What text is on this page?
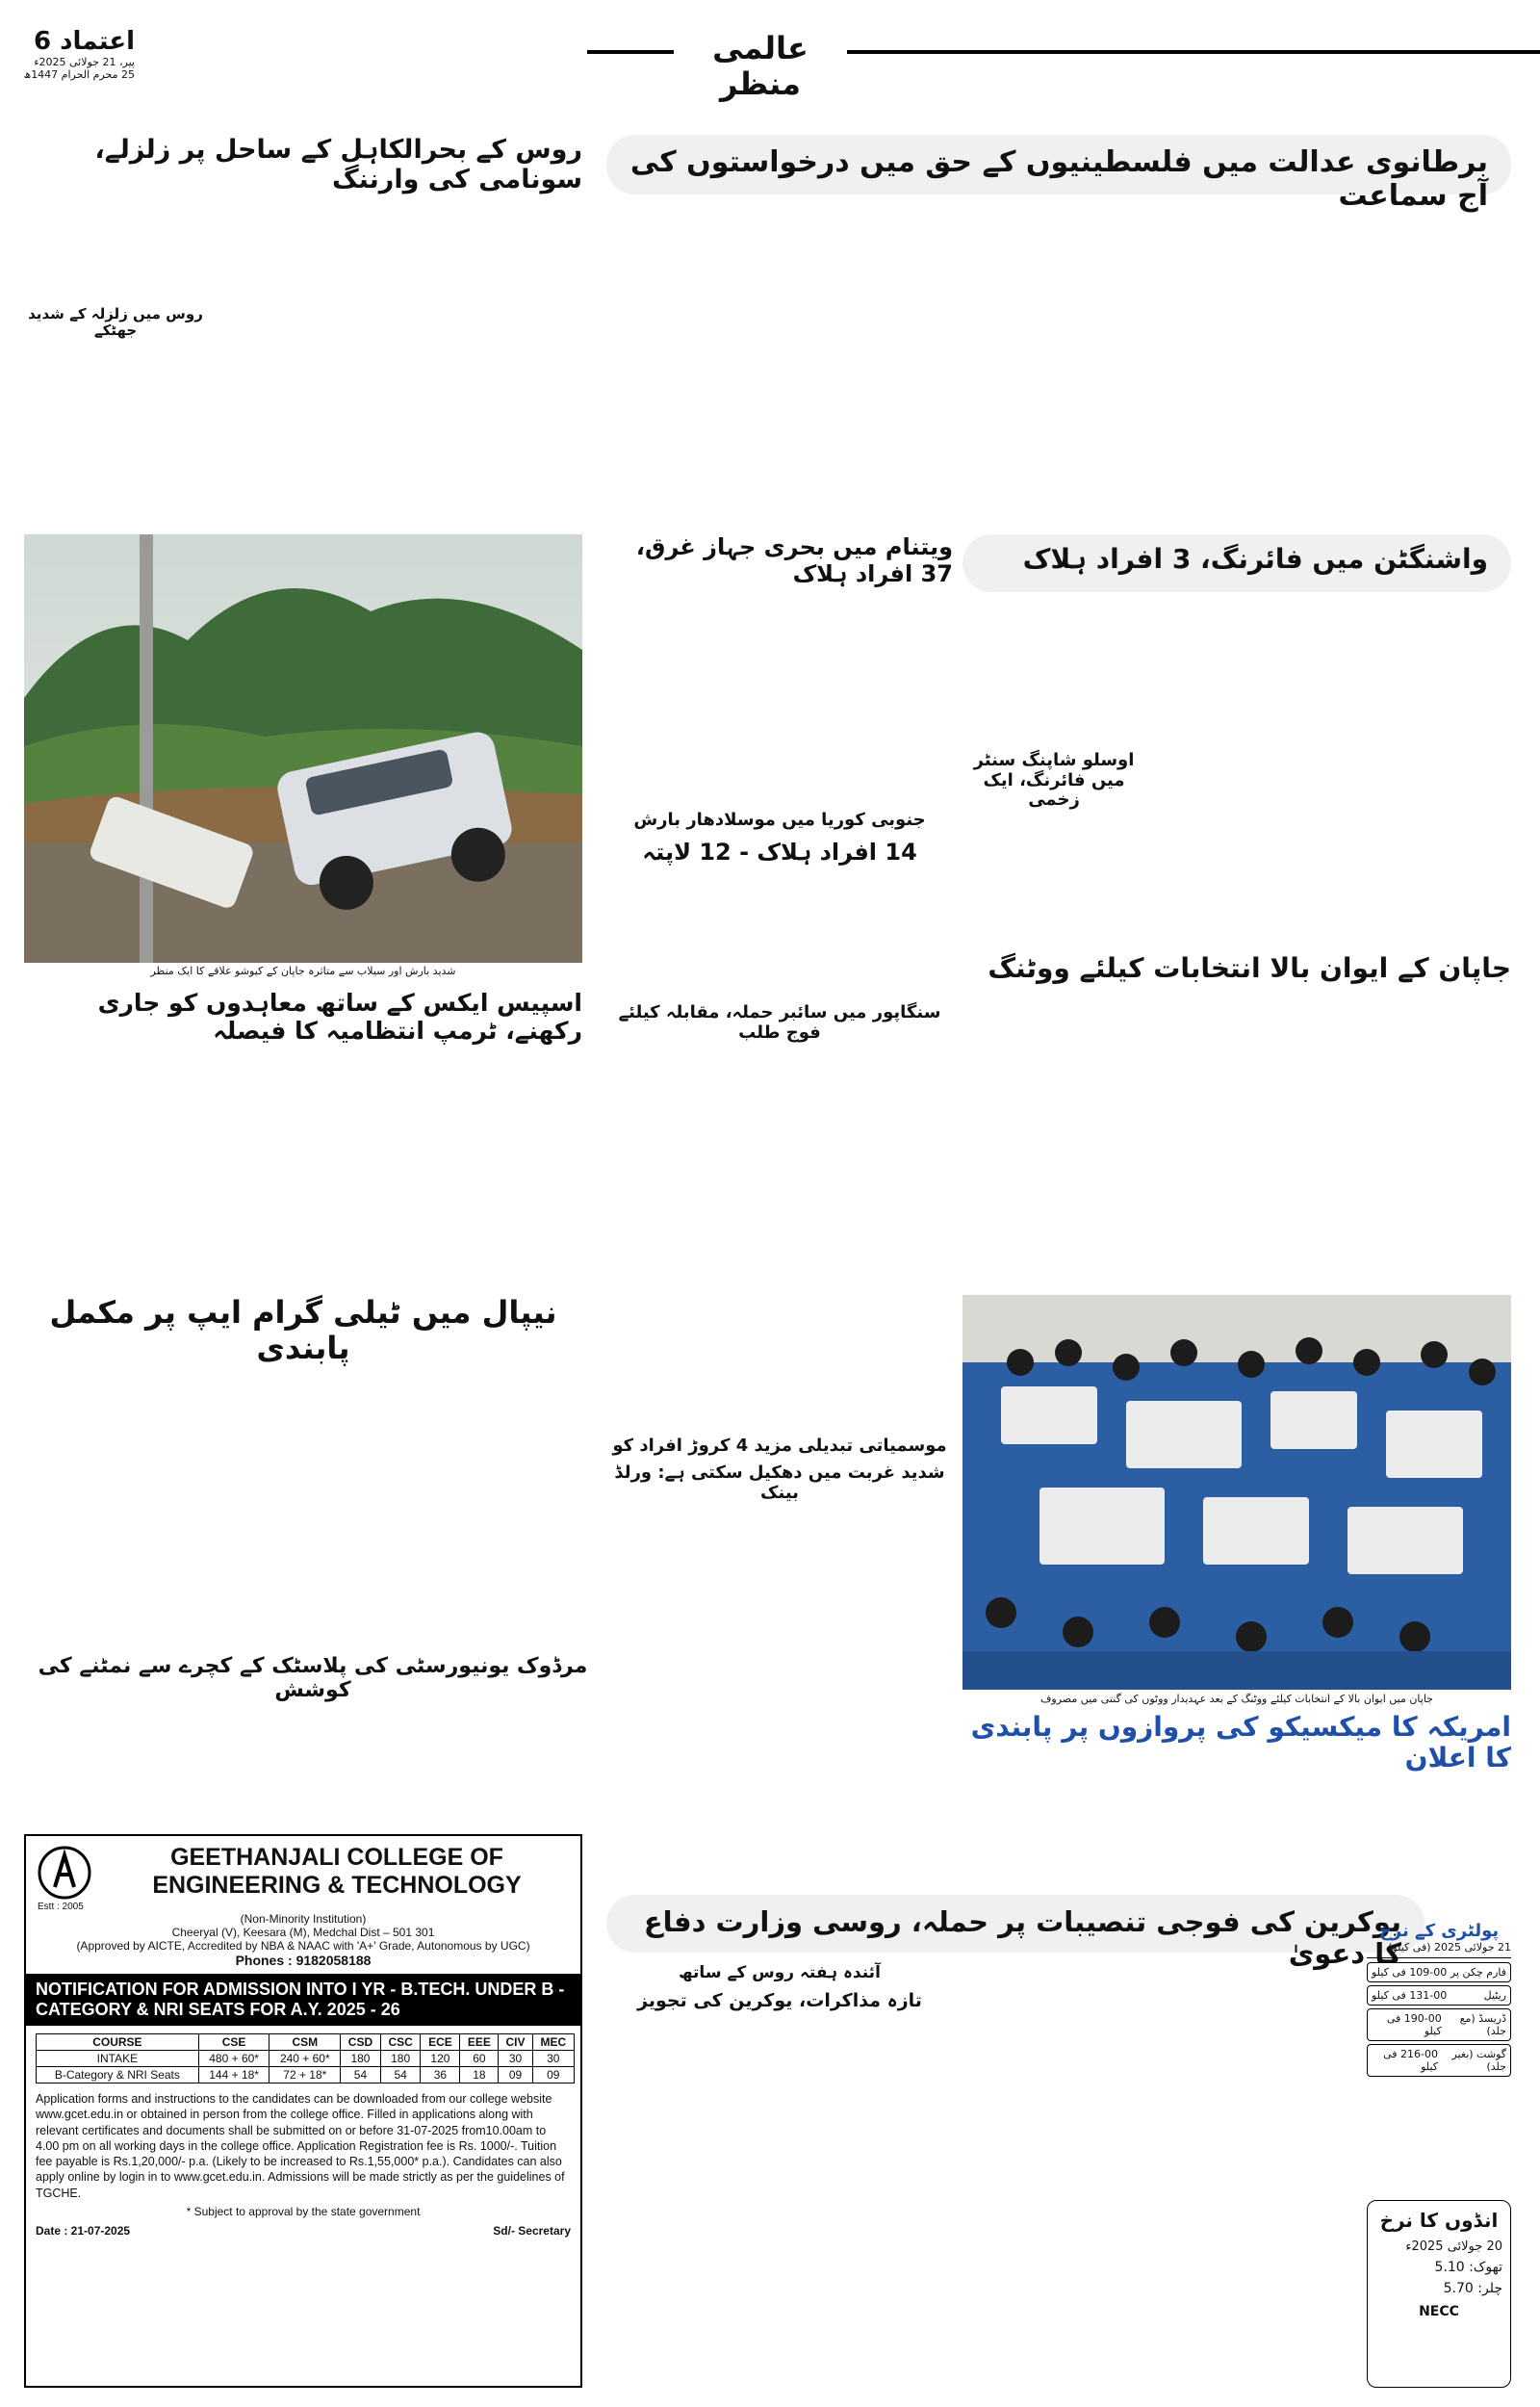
اعتماد 6
پیر، 21 جولائی 2025ء
25 محرم الحرام 1447ھ
عالمی منظر
برطانوی عدالت میں فلسطینیوں کے حق میں درخواستوں کی آج سماعت
روس کے بحرالکاہل کے ساحل پر زلزلے، سونامی کی وارننگ
روس میں زلزلہ کے شدید جھٹکے
شدید بارش اور سیلاب سے متاثرہ جاپان کے کیوشو علاقے کا ایک منظر
واشنگٹن میں فائرنگ، 3 افراد ہلاک
اوسلو شاپنگ سنٹر میں فائرنگ، ایک زخمی
ویتنام میں بحری جہاز غرق، 37 افراد ہلاک
جنوبی کوریا میں موسلادھار بارش
14 افراد ہلاک - 12 لاپتہ
سنگاپور میں سائبر حملہ، مقابلہ کیلئے فوج طلب
موسمیاتی تبدیلی مزید 4 کروڑ افراد کو
شدید غربت میں دھکیل سکتی ہے: ورلڈ بینک
اسپیس ایکس کے ساتھ معاہدوں کو جاری رکھنے، ٹرمپ انتظامیہ کا فیصلہ
جاپان کے ایوان بالا انتخابات کیلئے ووٹنگ
جاپان میں ایوان بالا کے انتخابات کیلئے ووٹنگ کے بعد عہدیدار ووٹوں کی گنتی میں مصروف
نیپال میں ٹیلی گرام ایپ پر مکمل پابندی
مرڈوک یونیورسٹی کی پلاسٹک کے کچرے سے نمٹنے کی کوشش
امریکہ کا میکسیکو کی پروازوں پر پابندی کا اعلان
یوکرین کی فوجی تنصیبات پر حملہ، روسی وزارت دفاع کا دعویٰ
آئندہ ہفتہ روس کے ساتھ
تازہ مذاکرات، یوکرین کی تجویز
پولٹری کے نرخ
21 جولائی 2025 (فی کیلو)
فارم چکن پر
109-00 فی کیلو
ریٹیل
131-00 فی کیلو
ڈریسڈ (مع جلد)
190-00 فی کیلو
گوشت (بغیر جلد)
216-00 فی کیلو
انڈوں کا نرخ
20 جولائی 2025ء
تھوک: 5.10
چلر: 5.70
NECC
GEETHANJALI COLLEGE OF
ENGINEERING & TECHNOLOGY
Estt : 2005
(Non-Minority Institution)
Cheeryal (V), Keesara (M), Medchal Dist – 501 301
(Approved by AICTE, Accredited by NBA & NAAC with 'A+' Grade, Autonomous by UGC)
Phones : 9182058188
NOTIFICATION FOR ADMISSION INTO I YR - B.TECH. UNDER B - CATEGORY & NRI SEATS FOR A.Y. 2025 - 26
COURSE	CSE	CSM	CSD	CSC	ECE	EEE	CIV	MEC
INTAKE	480 + 60*	240 + 60*	180	180	120	60	30	30
B-Category & NRI Seats	144 + 18*	72 + 18*	54	54	36	18	09	09
Application forms and instructions to the candidates can be downloaded from our college website www.gcet.edu.in or obtained in person from the college office. Filled in applications along with relevant certificates and documents shall be submitted on or before 31-07-2025 from10.00am to 4.00 pm on all working days in the college office. Application Registration fee is Rs. 1000/-. Tuition fee payable is Rs.1,20,000/- p.a. (Likely to be increased to Rs.1,55,000* p.a.). Candidates can also apply online by login in to www.gcet.edu.in. Admissions will be made strictly as per the guidelines of TGCHE.
* Subject to approval by the state government
Date : 21-07-2025	Sd/- Secretary
